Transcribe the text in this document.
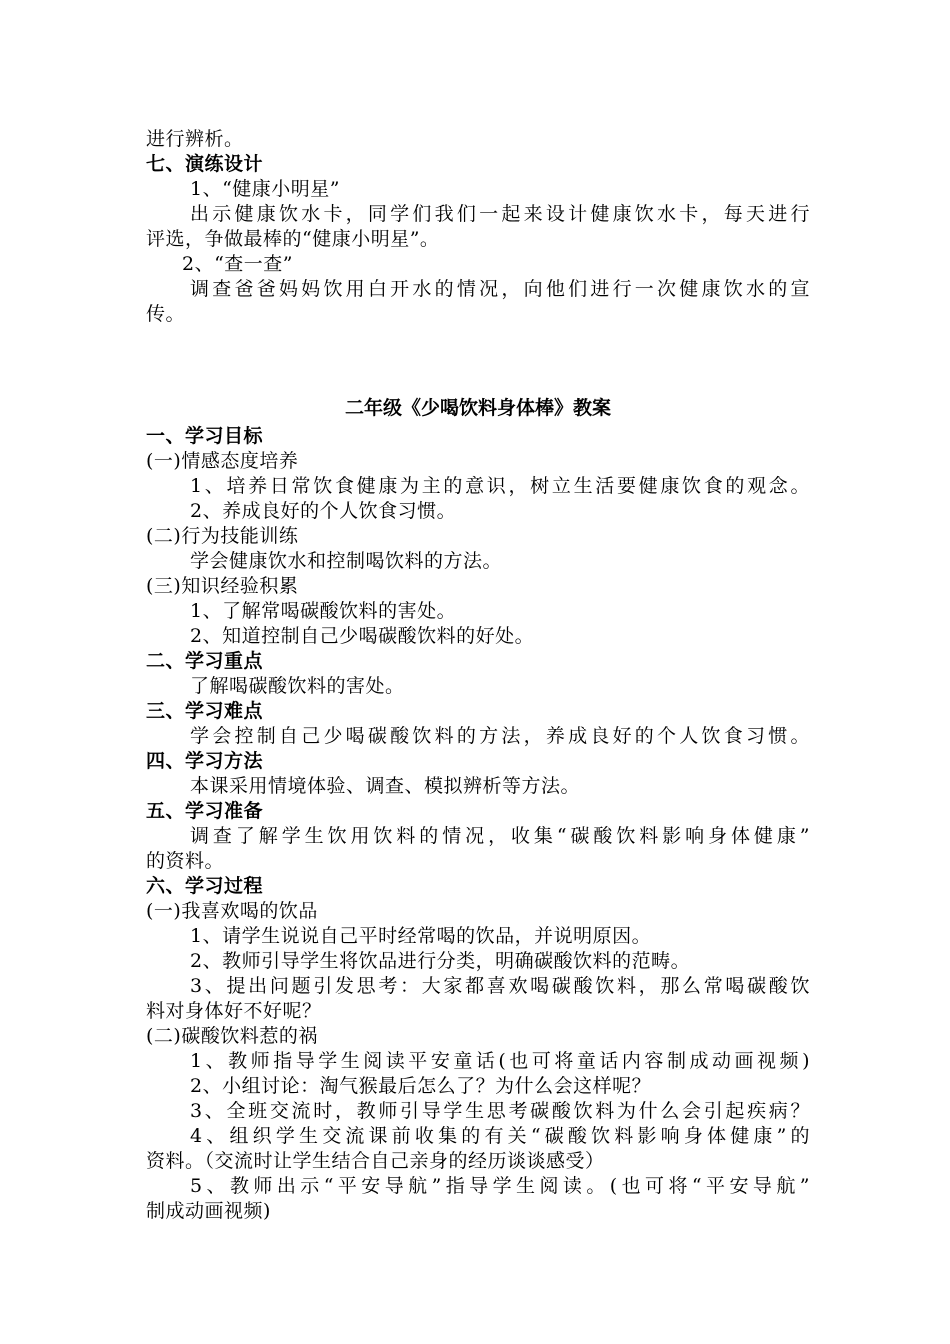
进行辨析。
七、演练设计
1、“健康小明星”
出示健康饮水卡，同学们我们一起来设计健康饮水卡，每天进行
评选，争做最棒的“健康小明星”。
2、“查一查”
调查爸爸妈妈饮用白开水的情况，向他们进行一次健康饮水的宣
传。
二年级《少喝饮料身体棒》教案
一、学习目标
(一)情感态度培养
1、培养日常饮食健康为主的意识，树立生活要健康饮食的观念。
2、养成良好的个人饮食习惯。
(二)行为技能训练
学会健康饮水和控制喝饮料的方法。
(三)知识经验积累
1、了解常喝碳酸饮料的害处。
2、知道控制自己少喝碳酸饮料的好处。
二、学习重点
了解喝碳酸饮料的害处。
三、学习难点
学会控制自己少喝碳酸饮料的方法，养成良好的个人饮食习惯。
四、学习方法
本课采用情境体验、调查、模拟辨析等方法。
五、学习准备
调查了解学生饮用饮料的情况，收集“碳酸饮料影响身体健康”
的资料。
六、学习过程
(一)我喜欢喝的饮品
1、请学生说说自己平时经常喝的饮品，并说明原因。
2、教师引导学生将饮品进行分类，明确碳酸饮料的范畴。
3、提出问题引发思考：大家都喜欢喝碳酸饮料，那么常喝碳酸饮
料对身体好不好呢？
(二)碳酸饮料惹的祸
1、教师指导学生阅读平安童话(也可将童话内容制成动画视频)
2、小组讨论：淘气猴最后怎么了？为什么会这样呢？
3、全班交流时，教师引导学生思考碳酸饮料为什么会引起疾病？
4、组织学生交流课前收集的有关“碳酸饮料影响身体健康”的
资料。（交流时让学生结合自己亲身的经历谈谈感受）
5、教师出示“平安导航”指导学生阅读。(也可将“平安导航”
制成动画视频)
